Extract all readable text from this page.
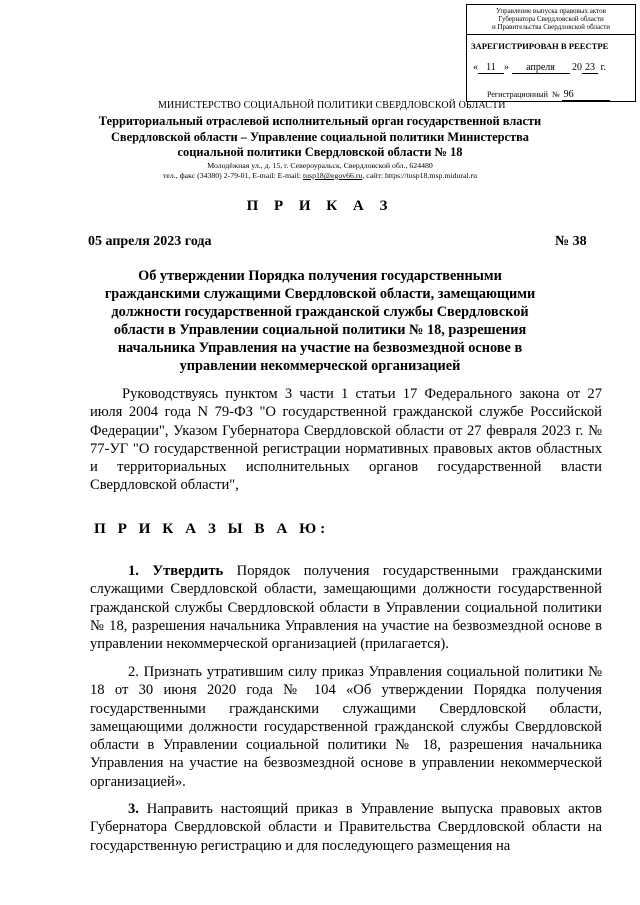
Управление выпуска правовых актов
Губернатора Свердловской области
и Правительства Свердловской области
ЗАРЕГИСТРИРОВАН В РЕЕСТРЕ
« 11 » апреля 20 23 г.
Регистрационный № 96
МИНИСТЕРСТВО СОЦИАЛЬНОЙ ПОЛИТИКИ СВЕРДЛОВСКОЙ ОБЛАСТИ
Территориальный отраслевой исполнительный орган государственной власти
Свердловской области – Управление социальной политики Министерства
социальной политики Свердловской области № 18
Молодёжная ул., д. 15, г. Североуральск, Свердловской обл., 624480
тел., факс (34380) 2-79-01, E-mail: E-mail: tusp18@egov66.ru, сайт: https://tusp18.msp.midural.ru
П Р И К А З
05 апреля 2023 года	№ 38
Об утверждении Порядка получения государственными гражданскими служащими Свердловской области, замещающими должности государственной гражданской службы Свердловской области в Управлении социальной политики № 18, разрешения начальника Управления на участие на безвозмездной основе в управлении некоммерческой организацией
Руководствуясь пунктом 3 части 1 статьи 17 Федерального закона от 27 июля 2004 года N 79-ФЗ "О государственной гражданской службе Российской Федерации", Указом Губернатора Свердловской области от 27 февраля 2023 г. № 77-УГ "О государственной регистрации нормативных правовых актов областных и территориальных исполнительных органов государственной власти Свердловской области",
П Р И К А З Ы В А Ю:
1. Утвердить Порядок получения государственными гражданскими служащими Свердловской области, замещающими должности государственной гражданской службы Свердловской области в Управлении социальной политики № 18, разрешения начальника Управления на участие на безвозмездной основе в управлении некоммерческой организацией (прилагается).
2. Признать утратившим силу приказ Управления социальной политики № 18 от 30 июня 2020 года № 104 «Об утверждении Порядка получения государственными гражданскими служащими Свердловской области, замещающими должности государственной гражданской службы Свердловской области в Управлении социальной политики № 18, разрешения начальника Управления на участие на безвозмездной основе в управлении некоммерческой организацией».
3. Направить настоящий приказ в Управление выпуска правовых актов Губернатора Свердловской области и Правительства Свердловской области на государственную регистрацию и для последующего размещения на
